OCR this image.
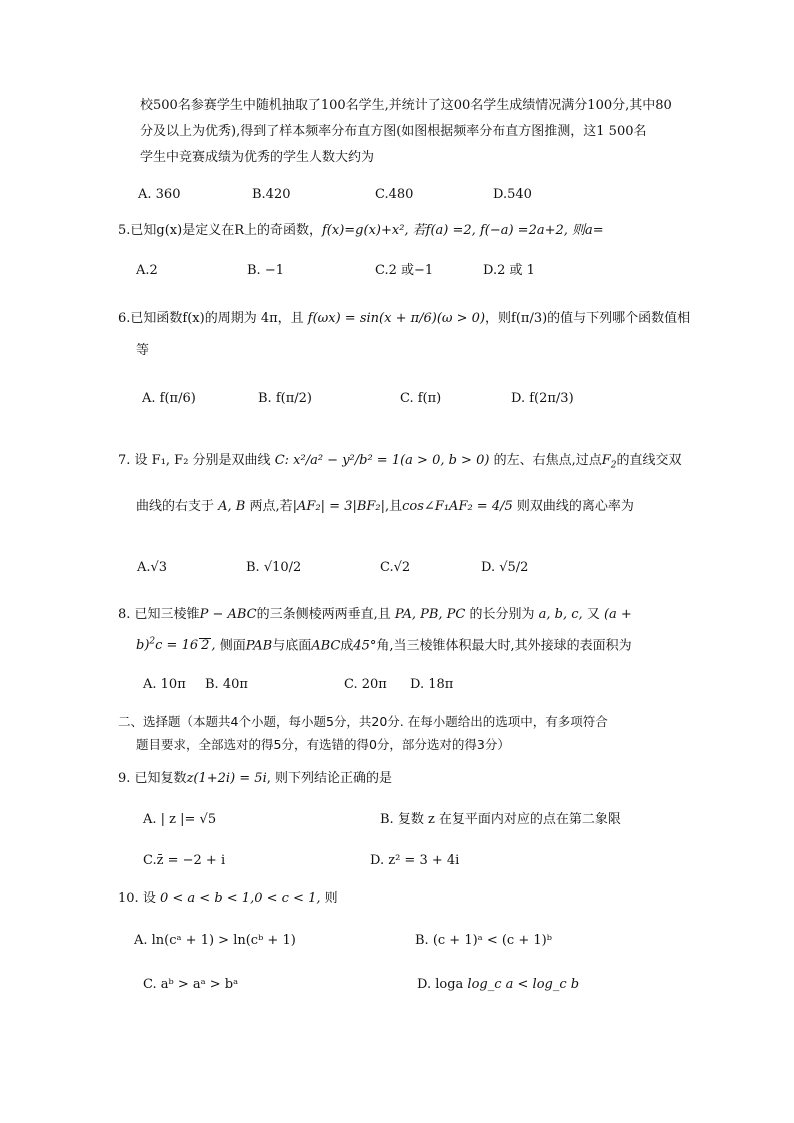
校500名参赛学生中随机抽取了100名学生,并统计了这00名学生成绩情况满分100分,其中80
分及以上为优秀),得到了样本频率分布直方图(如图根据频率分布直方图推测，这1 500名
学生中竞赛成绩为优秀的学生人数大约为
A. 360	B.420	C.480	D.540
5.已知g(x)是定义在R上的奇函数，f(x)=g(x)+x², 若f(a) =2, f(−a) =2a+2, 则a=
A.2	B. −1	C.2 或−1	D.2 或 1
6.已知函数f(x)的周期为 4π，且 f(ωx) = sin(x + π/6)(ω > 0)，则f(π/3)的值与下列哪个函数值相
等
A. f(π/6)	B. f(π/2)	C. f(π)	D. f(2π/3)
7. 设 F₁, F₂ 分别是双曲线 C: x²/a² − y²/b² = 1(a > 0, b > 0) 的左、右焦点,过点$F_2$的直线交双
曲线的右支于 A, B 两点,若|AF₂| = 3|BF₂|,且cos∠F₁AF₂ = 4/5 则双曲线的离心率为
A.√3	B. √10/2	C.√2	D. √5/2
8. 已知三棱锥P − ABC的三条侧棱两两垂直,且 PA, PB, PC 的长分别为 a, b, c, 又 (a +
b)$^2$c = 16 2 , 侧面PAB与底面ABC成45°角,当三棱锥体积最大时,其外接球的表面积为
A. 10π B. 40π	C. 20π D. 18π
二、选择题（本题共4个小题，每小题5分，共20分. 在每小题给出的选项中，有多项符合
题目要求，全部选对的得5分，有选错的得0分，部分选对的得3分）
9. 已知复数z(1+2i) = 5i, 则下列结论正确的是
A. | z |= √5	B. 复数 z 在复平面内对应的点在第二象限
C.z̄ = −2 + i	D. z² = 3 + 4i
10. 设 0 < a < b < 1,0 < c < 1, 则
A. ln(cᵃ + 1) > ln(cᵇ + 1)	B. (c + 1)ᵃ < (c + 1)ᵇ
C. aᵇ > aᵃ > bᵃ	D. loga log_c a < log_c b
